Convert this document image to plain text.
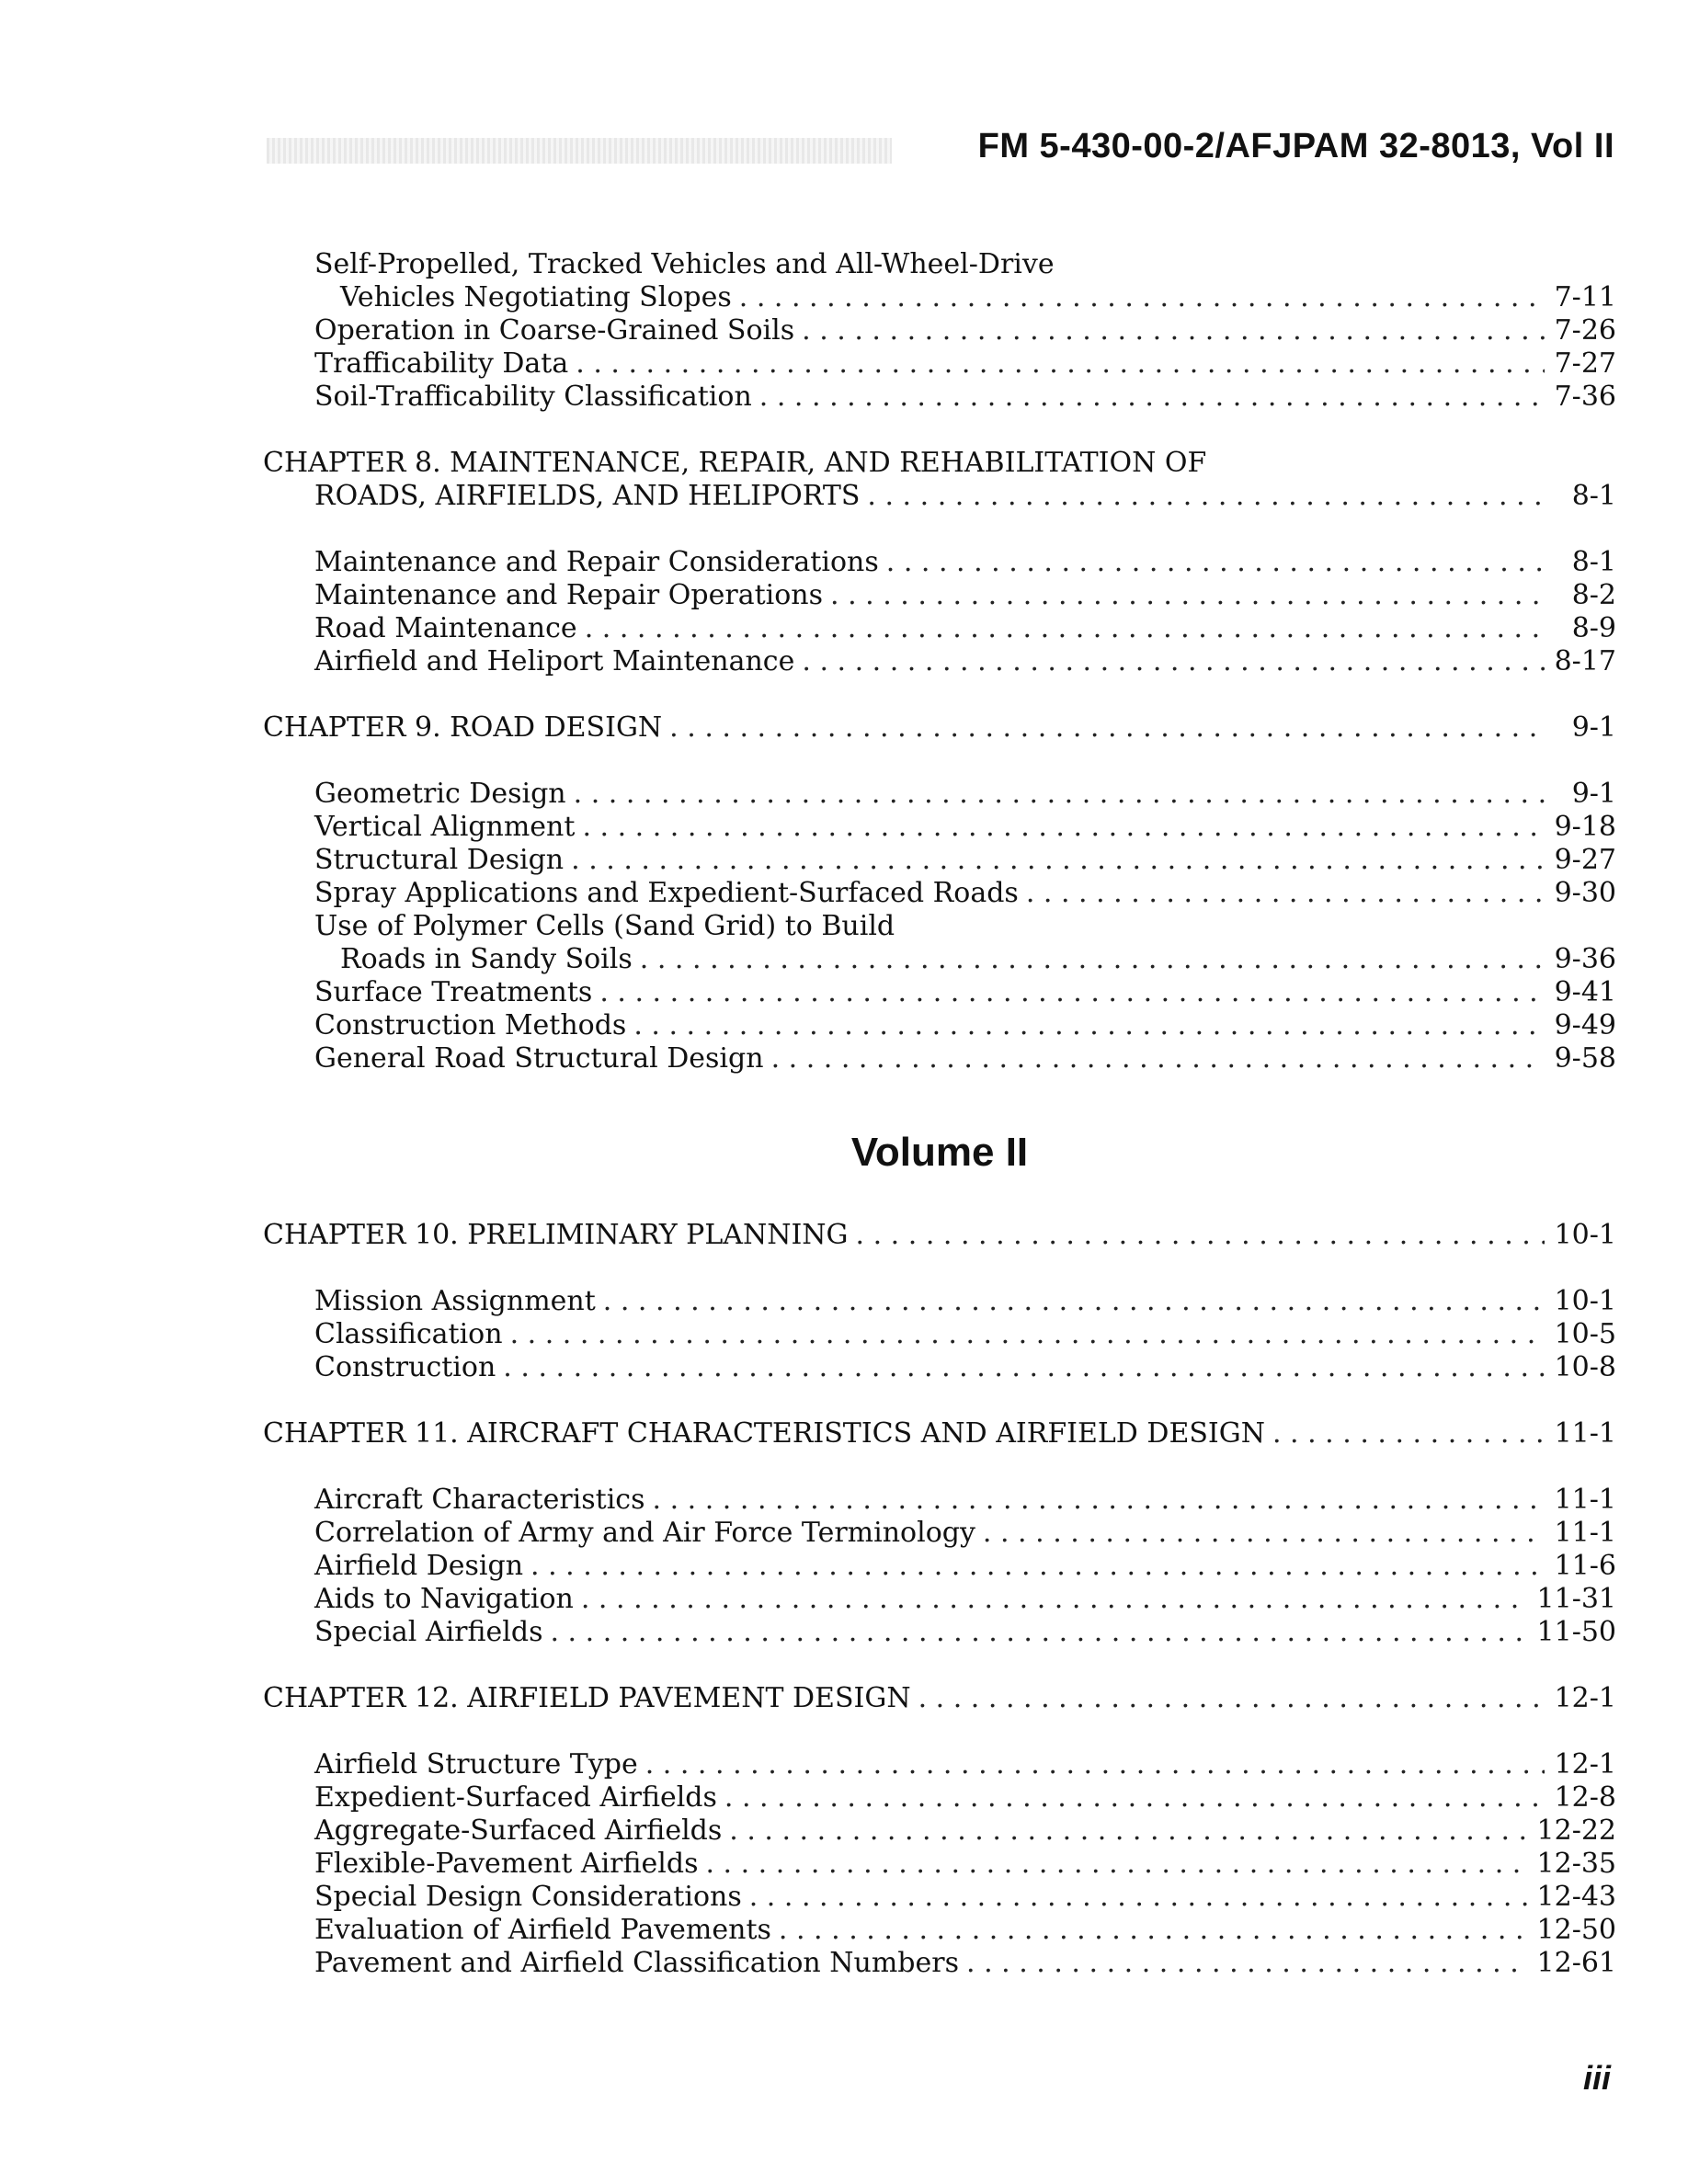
FM 5-430-00-2/AFJPAM 32-8013, Vol II
Self-Propelled, Tracked Vehicles and All-Wheel-Drive
Vehicles Negotiating Slopes . . .	7-11
Operation in Coarse-Grained Soils . . .	7-26
Trafficability Data . . .	7-27
Soil-Trafficability Classification . . .	7-36
CHAPTER 8. MAINTENANCE, REPAIR, AND REHABILITATION OF
ROADS, AIRFIELDS, AND HELIPORTS . . .	8-1
Maintenance and Repair Considerations . . .	8-1
Maintenance and Repair Operations . . .	8-2
Road Maintenance . . .	8-9
Airfield and Heliport Maintenance . . .	8-17
CHAPTER 9. ROAD DESIGN . . .	9-1
Geometric Design . . .	9-1
Vertical Alignment . . .	9-18
Structural Design . . .	9-27
Spray Applications and Expedient-Surfaced Roads . . .	9-30
Use of Polymer Cells (Sand Grid) to Build
Roads in Sandy Soils . . .	9-36
Surface Treatments . . .	9-41
Construction Methods . . .	9-49
General Road Structural Design . . .	9-58
Volume II
CHAPTER 10. PRELIMINARY PLANNING . . .	10-1
Mission Assignment . . .	10-1
Classification . . .	10-5
Construction . . .	10-8
CHAPTER 11. AIRCRAFT CHARACTERISTICS AND AIRFIELD DESIGN . . .	11-1
Aircraft Characteristics . . .	11-1
Correlation of Army and Air Force Terminology . . .	11-1
Airfield Design . . .	11-6
Aids to Navigation . . .	11-31
Special Airfields . . .	11-50
CHAPTER 12. AIRFIELD PAVEMENT DESIGN . . .	12-1
Airfield Structure Type . . .	12-1
Expedient-Surfaced Airfields . . .	12-8
Aggregate-Surfaced Airfields . . .	12-22
Flexible-Pavement Airfields . . .	12-35
Special Design Considerations . . .	12-43
Evaluation of Airfield Pavements . . .	12-50
Pavement and Airfield Classification Numbers . . .	12-61
iii
